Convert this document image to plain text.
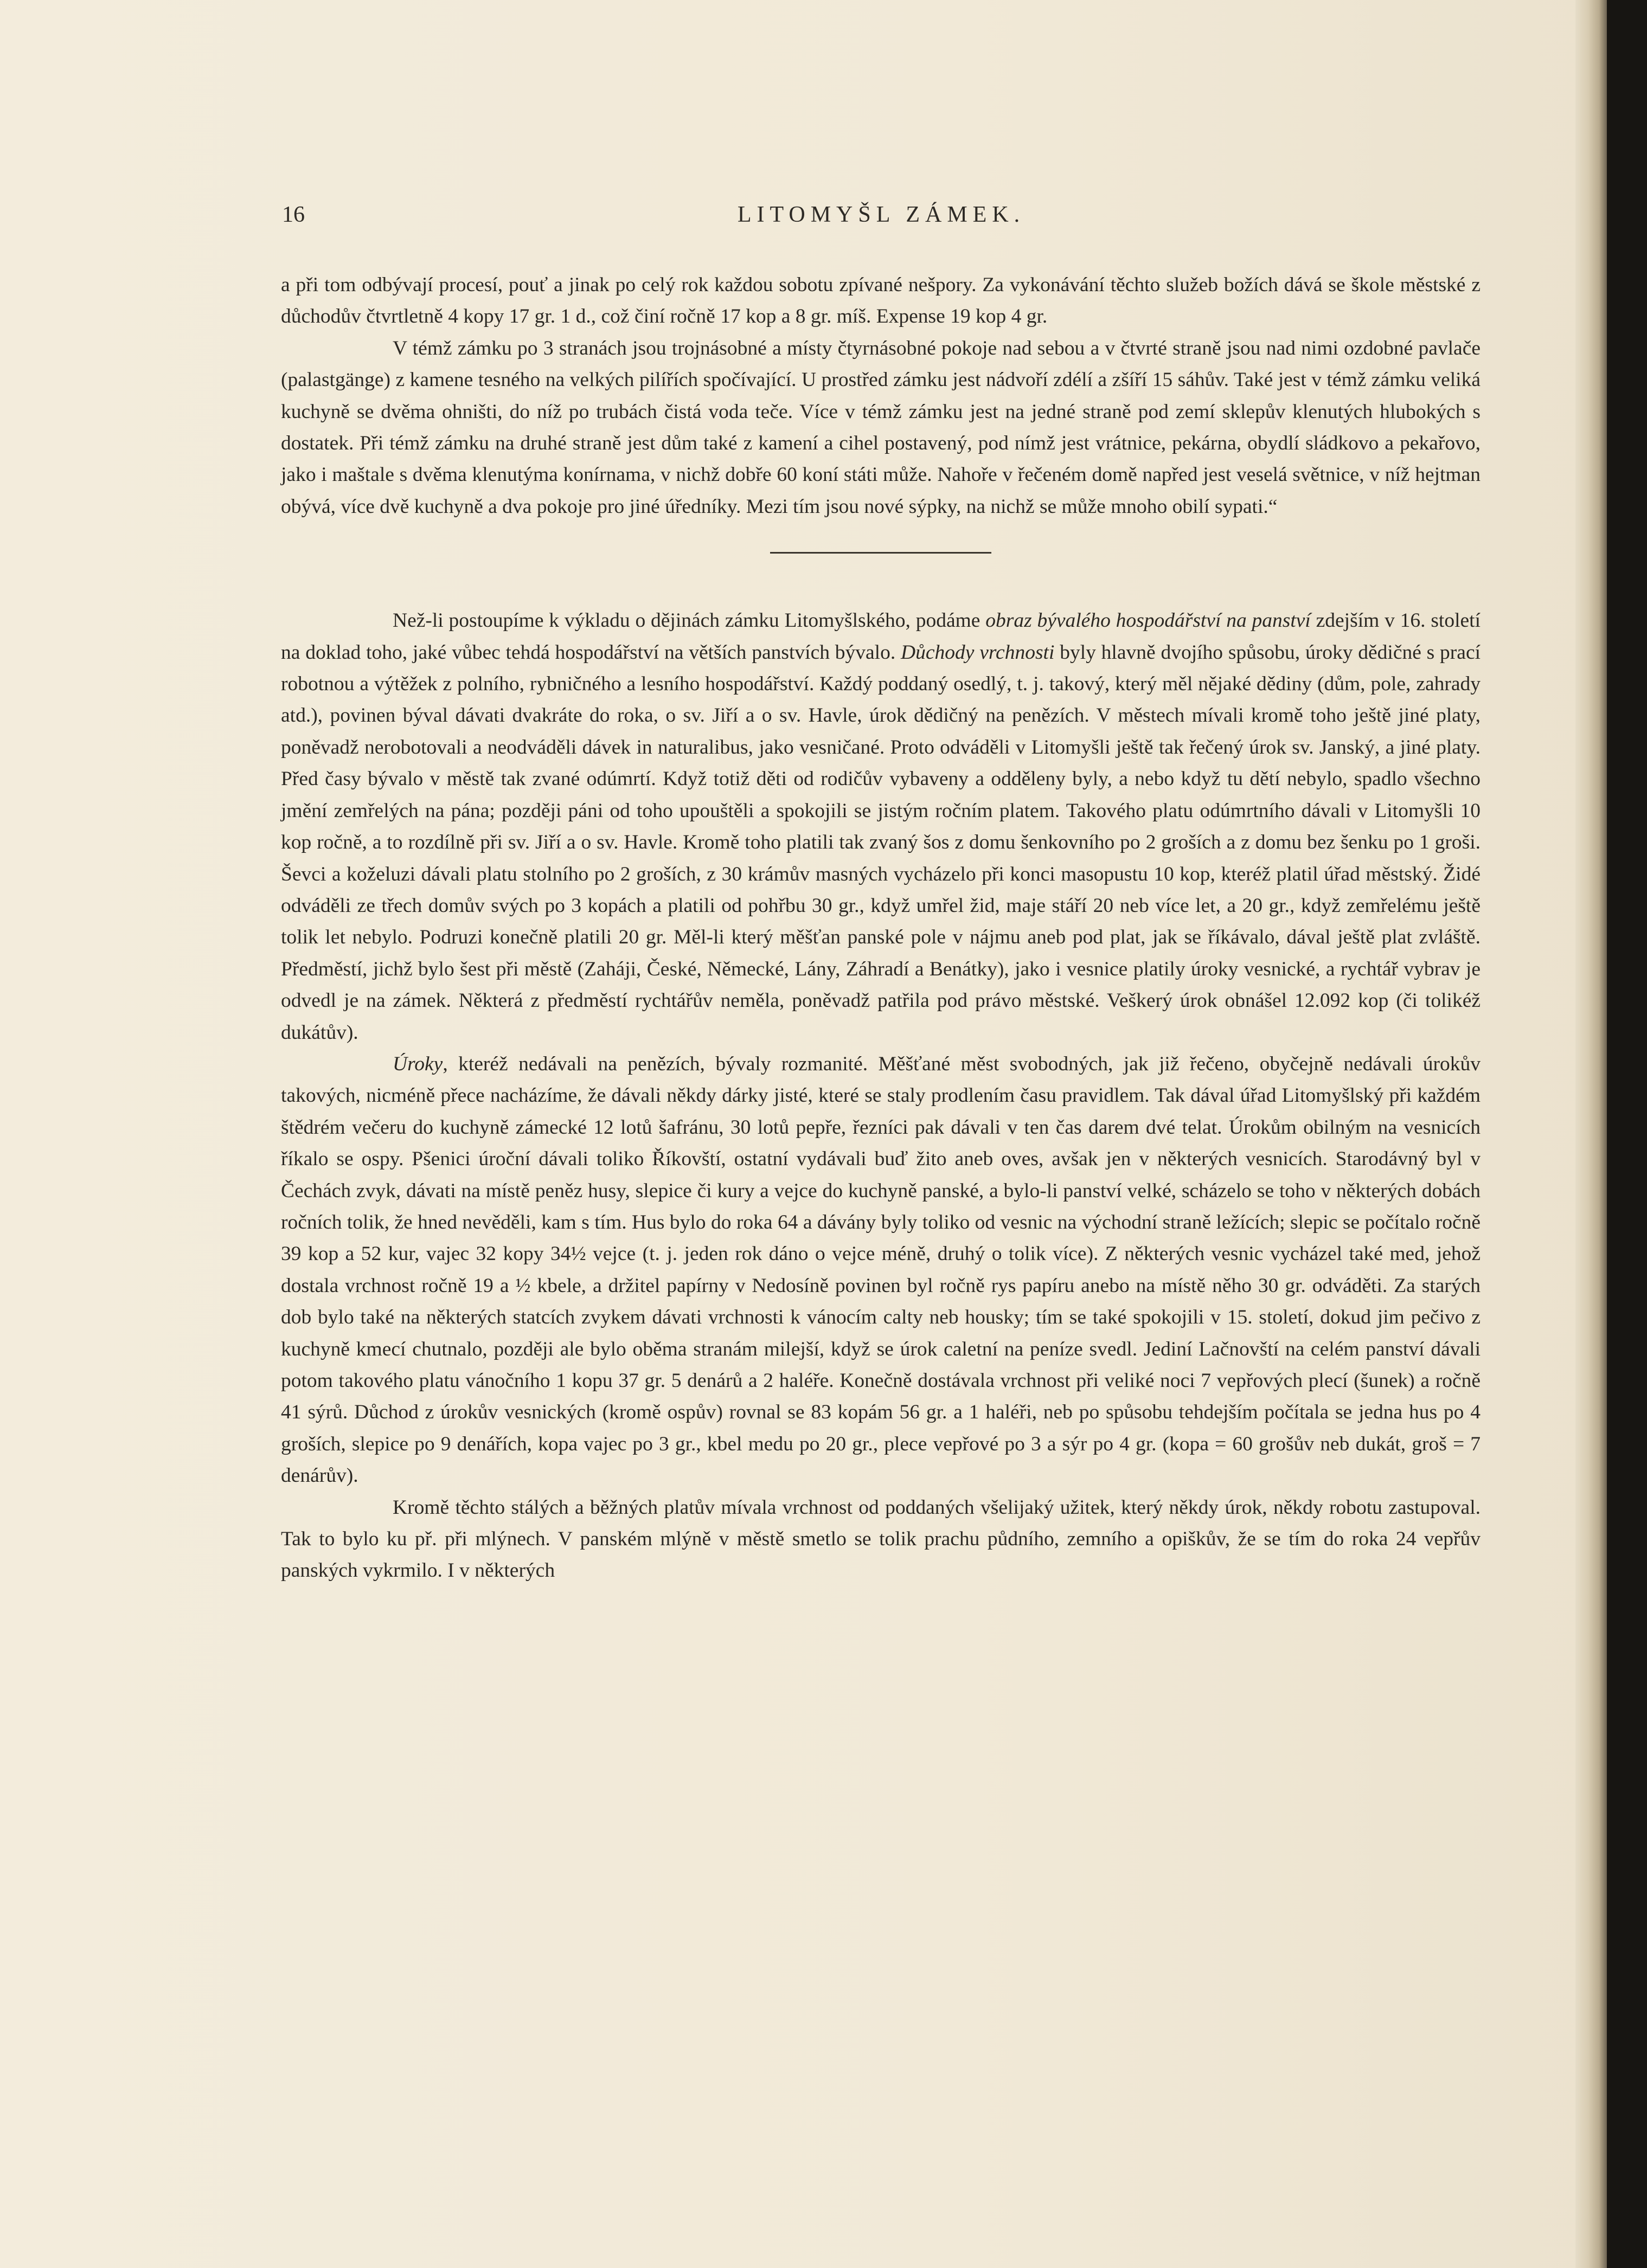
16	LITOMYŠL ZÁMEK.

a při tom odbývají procesí, pouť a jinak po celý rok každou sobotu zpívané nešpory. Za vykonávání těchto služeb božích dává se škole městské z důchodův čtvrtletně 4 kopy 17 gr. 1 d., což činí ročně 17 kop a 8 gr. míš. Expense 19 kop 4 gr.

V témž zámku po 3 stranách jsou trojnásobné a místy čtyrnásobné pokoje nad sebou a v čtvrté straně jsou nad nimi ozdobné pavlače (palastgänge) z kamene tesného na velkých pilířích spočívající. U prostřed zámku jest nádvoří zdélí a zšíří 15 sáhův. Také jest v témž zámku veliká kuchyně se dvěma ohništi, do níž po trubách čistá voda teče. Více v témž zámku jest na jedné straně pod zemí sklepův klenutých hlubokých s dostatek. Při témž zámku na druhé straně jest dům také z kamení a cihel postavený, pod nímž jest vrátnice, pekárna, obydlí sládkovo a pekařovo, jako i maštale s dvěma klenutýma konírnama, v nichž dobře 60 koní státi může. Nahoře v řečeném domě napřed jest veselá světnice, v níž hejtman obývá, více dvě kuchyně a dva pokoje pro jiné úředníky. Mezi tím jsou nové sýpky, na nichž se může mnoho obilí sypati.“

Než-li postoupíme k výkladu o dějinách zámku Litomyšlského, podáme obraz bývalého hospodářství na panství zdejším v 16. století na doklad toho, jaké vůbec tehdá hospodářství na větších panstvích bývalo. Důchody vrchnosti byly hlavně dvojího spůsobu, úroky dědičné s prací robotnou a výtěžek z polního, rybničného a lesního hospodářství. Každý poddaný osedlý, t. j. takový, který měl nějaké dědiny (dům, pole, zahrady atd.), povinen býval dávati dvakráte do roka, o sv. Jiří a o sv. Havle, úrok dědičný na penězích. V městech mívali kromě toho ještě jiné platy, poněvadž nerobotovali a neodváděli dávek in naturalibus, jako vesničané. Proto odváděli v Litomyšli ještě tak řečený úrok sv. Janský, a jiné platy. Před časy bývalo v městě tak zvané odúmrtí. Když totiž děti od rodičův vybaveny a odděleny byly, a nebo když tu dětí nebylo, spadlo všechno jmění zemřelých na pána; později páni od toho upouštěli a spokojili se jistým ročním platem. Takového platu odúmrtního dávali v Litomyšli 10 kop ročně, a to rozdílně při sv. Jiří a o sv. Havle. Kromě toho platili tak zvaný šos z domu šenkovního po 2 groších a z domu bez šenku po 1 groši. Ševci a koželuzi dávali platu stolního po 2 groších, z 30 krámův masných vycházelo při konci masopustu 10 kop, kteréž platil úřad městský. Židé odváděli ze třech domův svých po 3 kopách a platili od pohřbu 30 gr., když umřel žid, maje stáří 20 neb více let, a 20 gr., když zemřelému ještě tolik let nebylo. Podruzi konečně platili 20 gr. Měl-li který měšťan panské pole v nájmu aneb pod plat, jak se říkávalo, dával ještě plat zvláště. Předměstí, jichž bylo šest při městě (Zaháji, České, Německé, Lány, Záhradí a Benátky), jako i vesnice platily úroky vesnické, a rychtář vybrav je odvedl je na zámek. Některá z předměstí rychtářův neměla, poněvadž patřila pod právo městské. Veškerý úrok obnášel 12.092 kop (či tolikéž dukátův).

Úroky, kteréž nedávali na penězích, bývaly rozmanité. Měšťané měst svobodných, jak již řečeno, obyčejně nedávali úrokův takových, nicméně přece nacházíme, že dávali někdy dárky jisté, které se staly prodlením času pravidlem. Tak dával úřad Litomyšlský při každém štědrém večeru do kuchyně zámecké 12 lotů šafránu, 30 lotů pepře, řezníci pak dávali v ten čas darem dvé telat. Úrokům obilným na vesnicích říkalo se ospy. Pšenici úroční dávali toliko Říkovští, ostatní vydávali buď žito aneb oves, avšak jen v některých vesnicích. Starodávný byl v Čechách zvyk, dávati na místě peněz husy, slepice či kury a vejce do kuchyně panské, a bylo-li panství velké, scházelo se toho v některých dobách ročních tolik, že hned nevěděli, kam s tím. Hus bylo do roka 64 a dávány byly toliko od vesnic na východní straně ležících; slepic se počítalo ročně 39 kop a 52 kur, vajec 32 kopy 34½ vejce (t. j. jeden rok dáno o vejce méně, druhý o tolik více). Z některých vesnic vycházel také med, jehož dostala vrchnost ročně 19 a ½ kbele, a držitel papírny v Nedosíně povinen byl ročně rys papíru anebo na místě něho 30 gr. odváděti. Za starých dob bylo také na některých statcích zvykem dávati vrchnosti k vánocím calty neb housky; tím se také spokojili v 15. století, dokud jim pečivo z kuchyně kmecí chutnalo, později ale bylo oběma stranám milejší, když se úrok caletní na peníze svedl. Jediní Lačnovští na celém panství dávali potom takového platu vánočního 1 kopu 37 gr. 5 denárů a 2 haléře. Konečně dostávala vrchnost při veliké noci 7 vepřových plecí (šunek) a ročně 41 sýrů. Důchod z úrokův vesnických (kromě ospův) rovnal se 83 kopám 56 gr. a 1 haléři, neb po spůsobu tehdejším počítala se jedna hus po 4 groších, slepice po 9 denářích, kopa vajec po 3 gr., kbel medu po 20 gr., plece vepřové po 3 a sýr po 4 gr. (kopa = 60 grošův neb dukát, groš = 7 denárův).

Kromě těchto stálých a běžných platův mívala vrchnost od poddaných všelijaký užitek, který někdy úrok, někdy robotu zastupoval. Tak to bylo ku př. při mlýnech. V panském mlýně v městě smetlo se tolik prachu půdního, zemního a opiškův, že se tím do roka 24 vepřův panských vykrmilo. I v některých
